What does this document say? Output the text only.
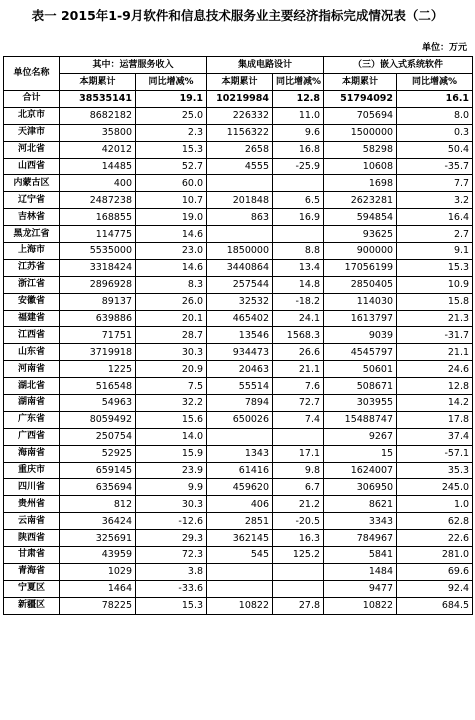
表一 2015年1-9月软件和信息技术服务业主要经济指标完成情况表（二）
单位：万元
单位名称	其中：运营服务收入		集成电路设计		（三）嵌入式系统软件	
	本期累计	同比增减%	本期累计	同比增减%	本期累计	同比增减%
合计	38535141	19.1	10219984	12.8	51794092	16.1
北京市	8682182	25.0	226332	11.0	705694	8.0
天津市	35800	2.3	1156322	9.6	1500000	0.3
河北省	42012	15.3	2658	16.8	58298	50.4
山西省	14485	52.7	4555	-25.9	10608	-35.7
内蒙古区	400	60.0			1698	7.7
辽宁省	2487238	10.7	201848	6.5	2623281	3.2
吉林省	168855	19.0	863	16.9	594854	16.4
黑龙江省	114775	14.6			93625	2.7
上海市	5535000	23.0	1850000	8.8	900000	9.1
江苏省	3318424	14.6	3440864	13.4	17056199	15.3
浙江省	2896928	8.3	257544	14.8	2850405	10.9
安徽省	89137	26.0	32532	-18.2	114030	15.8
福建省	639886	20.1	465402	24.1	1613797	21.3
江西省	71751	28.7	13546	1568.3	9039	-31.7
山东省	3719918	30.3	934473	26.6	4545797	21.1
河南省	1225	20.9	20463	21.1	50601	24.6
湖北省	516548	7.5	55514	7.6	508671	12.8
湖南省	54963	32.2	7894	72.7	303955	14.2
广东省	8059492	15.6	650026	7.4	15488747	17.8
广西省	250754	14.0			9267	37.4
海南省	52925	15.9	1343	17.1	15	-57.1
重庆市	659145	23.9	61416	9.8	1624007	35.3
四川省	635694	9.9	459620	6.7	306950	245.0
贵州省	812	30.3	406	21.2	8621	1.0
云南省	36424	-12.6	2851	-20.5	3343	62.8
陕西省	325691	29.3	362145	16.3	784967	22.6
甘肃省	43959	72.3	545	125.2	5841	281.0
青海省	1029	3.8			1484	69.6
宁夏区	1464	-33.6			9477	92.4
新疆区	78225	15.3	10822	27.8	10822	684.5
